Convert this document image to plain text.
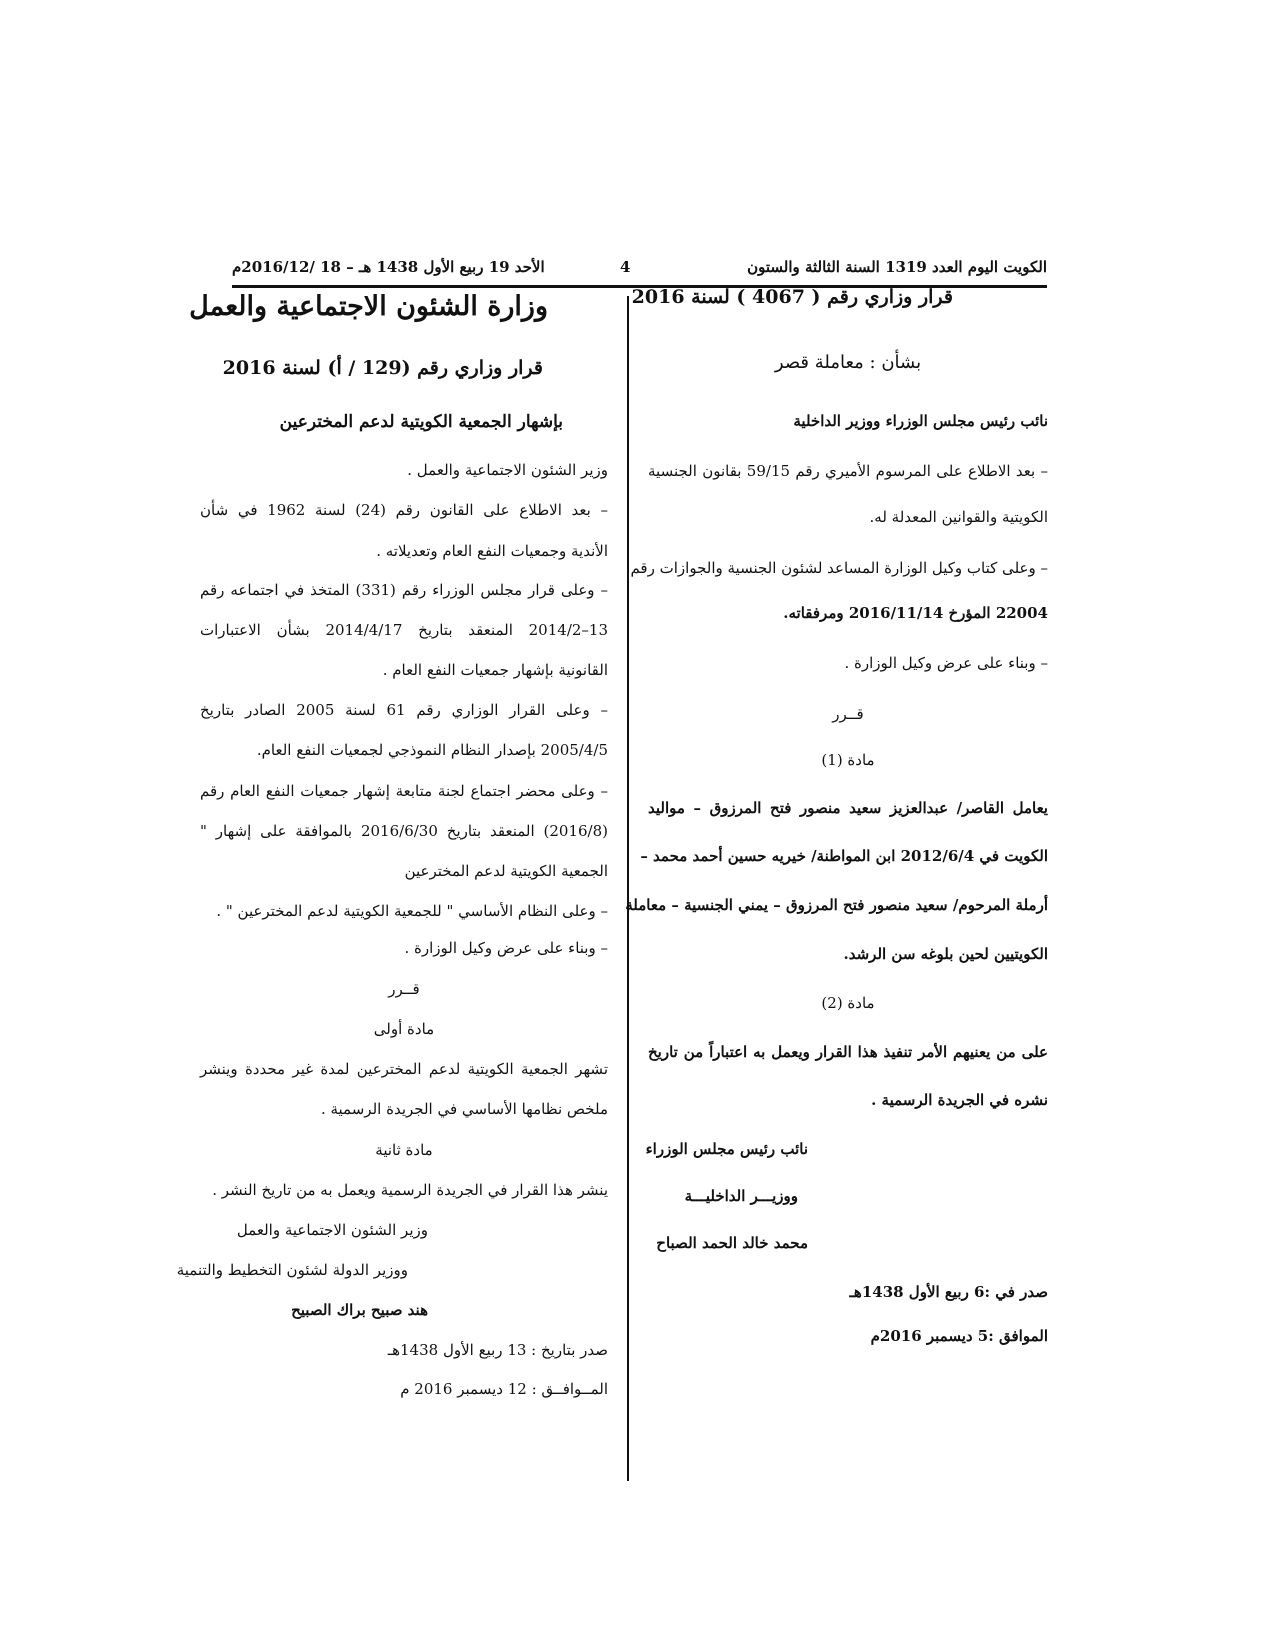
الأحد 19 ربيع الأول 1438 هـ – 18 /2016/12م	4	الكويت اليوم العدد 1319 السنة الثالثة والستون
قرار وزاري رقم ( 4067 ) لسنة 2016
بشأن : معاملة قصر
نائب رئيس مجلس الوزراء ووزير الداخلية
– بعد الاطلاع على المرسوم الأميري رقم 59/15 بقانون الجنسية
الكويتية والقوانين المعدلة له.
– وعلى كتاب وكيل الوزارة المساعد لشئون الجنسية والجوازات رقم
22004 المؤرخ 2016/11/14 ومرفقاته.
– وبناء على عرض وكيل الوزارة .
قــرر
مادة (1)
يعامل القاصر/ عبدالعزيز سعيد منصور فتح المرزوق – مواليد
الكويت في 2012/6/4 ابن المواطنة/ خيريه حسين أحمد محمد –
أرملة المرحوم/ سعيد منصور فتح المرزوق – يمني الجنسية – معاملة
الكويتيين لحين بلوغه سن الرشد.
مادة (2)
على من يعنيهم الأمر تنفيذ هذا القرار ويعمل به اعتباراً من تاريخ
نشره في الجريدة الرسمية .
نائب رئيس مجلس الوزراء
ووزيـــر الداخليـــة
محمد خالد الحمد الصباح
صدر في :6 ربيع الأول 1438هـ
الموافق :5 ديسمبر 2016م
وزارة الشئون الاجتماعية والعمل
قرار وزاري رقم (129 / أ) لسنة 2016
بإشهار الجمعية الكويتية لدعم المخترعين
وزير الشئون الاجتماعية والعمل .
– بعد الاطلاع على القانون رقم (24) لسنة 1962 في شأن
الأندية وجمعيات النفع العام وتعديلاته .
– وعلى قرار مجلس الوزراء رقم (331) المتخذ في اجتماعه رقم
13–2014/2 المنعقد بتاريخ 2014/4/17 بشأن الاعتبارات
القانونية بإشهار جمعيات النفع العام .
– وعلى القرار الوزاري رقم 61 لسنة 2005 الصادر بتاريخ
2005/4/5 بإصدار النظام النموذجي لجمعيات النفع العام.
– وعلى محضر اجتماع لجنة متابعة إشهار جمعيات النفع العام رقم
(2016/8) المنعقد بتاريخ 2016/6/30 بالموافقة على إشهار "
الجمعية الكويتية لدعم المخترعين
– وعلى النظام الأساسي " للجمعية الكويتية لدعم المخترعين " .
– وبناء على عرض وكيل الوزارة .
قــرر
مادة أولى
تشهر الجمعية الكويتية لدعم المخترعين لمدة غير محددة وينشر
ملخص نظامها الأساسي في الجريدة الرسمية .
مادة ثانية
ينشر هذا القرار في الجريدة الرسمية ويعمل به من تاريخ النشر .
وزير الشئون الاجتماعية والعمل
ووزير الدولة لشئون التخطيط والتنمية
هند صبيح براك الصبيح
صدر بتاريخ : 13 ربيع الأول 1438هـ
المــوافــق : 12 ديسمبر 2016 م
